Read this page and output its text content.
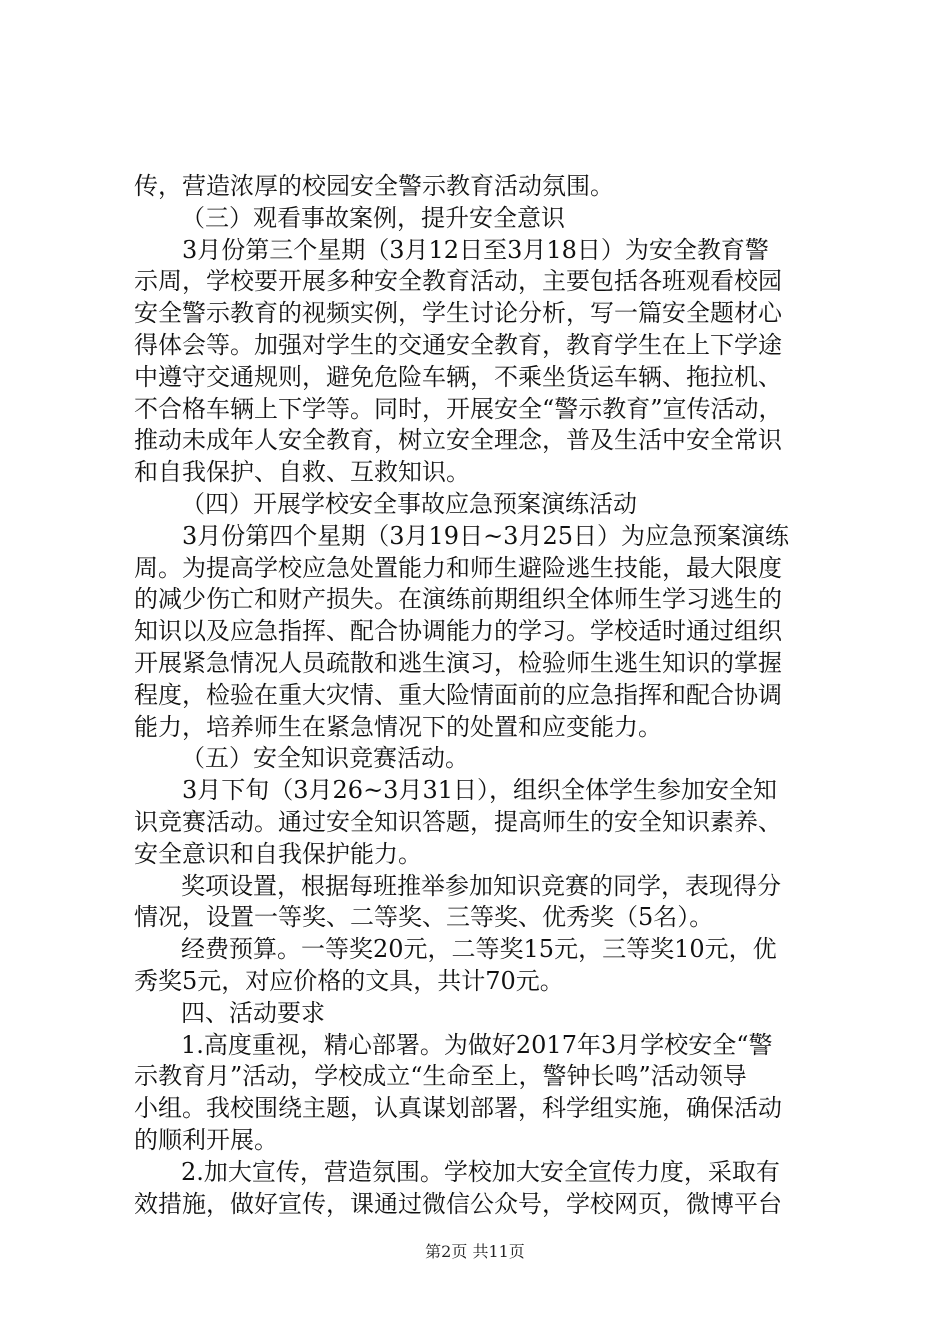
传，营造浓厚的校园安全警示教育活动氛围。
（三）观看事故案例，提升安全意识
3月份第三个星期（3月12日至3月18日）为安全教育警
示周，学校要开展多种安全教育活动，主要包括各班观看校园
安全警示教育的视频实例，学生讨论分析，写一篇安全题材心
得体会等。加强对学生的交通安全教育，教育学生在上下学途
中遵守交通规则，避免危险车辆，不乘坐货运车辆、拖拉机、
不合格车辆上下学等。同时，开展安全“警示教育”宣传活动，
推动未成年人安全教育，树立安全理念，普及生活中安全常识
和自我保护、自救、互救知识。
（四）开展学校安全事故应急预案演练活动
3月份第四个星期（3月19日~3月25日）为应急预案演练
周。为提高学校应急处置能力和师生避险逃生技能，最大限度
的减少伤亡和财产损失。在演练前期组织全体师生学习逃生的
知识以及应急指挥、配合协调能力的学习。学校适时通过组织
开展紧急情况人员疏散和逃生演习，检验师生逃生知识的掌握
程度，检验在重大灾情、重大险情面前的应急指挥和配合协调
能力，培养师生在紧急情况下的处置和应变能力。
（五）安全知识竞赛活动。
3月下旬（3月26~3月31日），组织全体学生参加安全知
识竞赛活动。通过安全知识答题，提高师生的安全知识素养、
安全意识和自我保护能力。
奖项设置，根据每班推举参加知识竞赛的同学，表现得分
情况，设置一等奖、二等奖、三等奖、优秀奖（5名）。
经费预算。一等奖20元，二等奖15元，三等奖10元，优
秀奖5元，对应价格的文具，共计70元。
四、活动要求
1.高度重视，精心部署。为做好2017年3月学校安全“警
示教育月”活动，学校成立“生命至上，警钟长鸣”活动领导
小组。我校围绕主题，认真谋划部署，科学组实施，确保活动
的顺利开展。
2.加大宣传，营造氛围。学校加大安全宣传力度，采取有
效措施，做好宣传，课通过微信公众号，学校网页，微博平台
第2页 共11页
